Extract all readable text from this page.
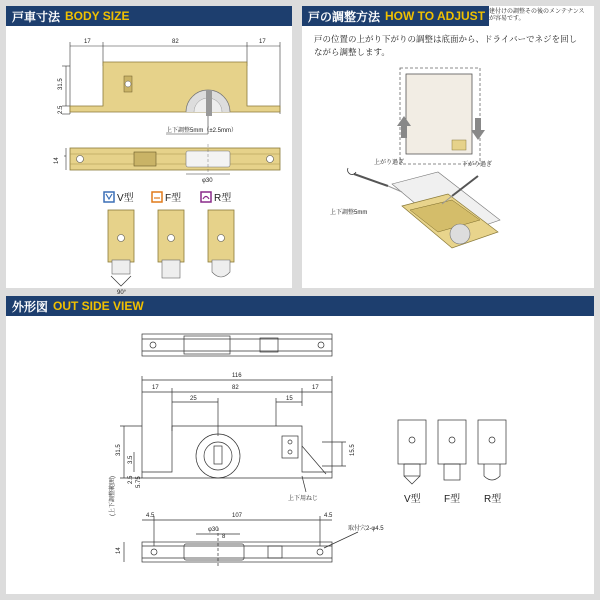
戸車寸法 BODY SIZE
17	82	17
31.5
2.5
上下調整5mm（±2.5mm）
14
φ30
V型	F型	R型
90°
戸の調整方法 HOW TO ADJUST 建付けの調整その後のメンテナンスが容易です。
戸の位置の上がり下がりの調整は底面から、ドライバーでネジを回しながら調整します。
上がり過ぎ	下がり過ぎ
上下調整5mm
外形図 OUT SIDE VIEW
116
17	82	17
25	15
31.5
3.5
2.5 5.75
(上下調整範囲)
15.5
上下用ねじ
4.5	107	4.5
φ30
8
14
取付穴2-φ4.5
V型 F型 R型
